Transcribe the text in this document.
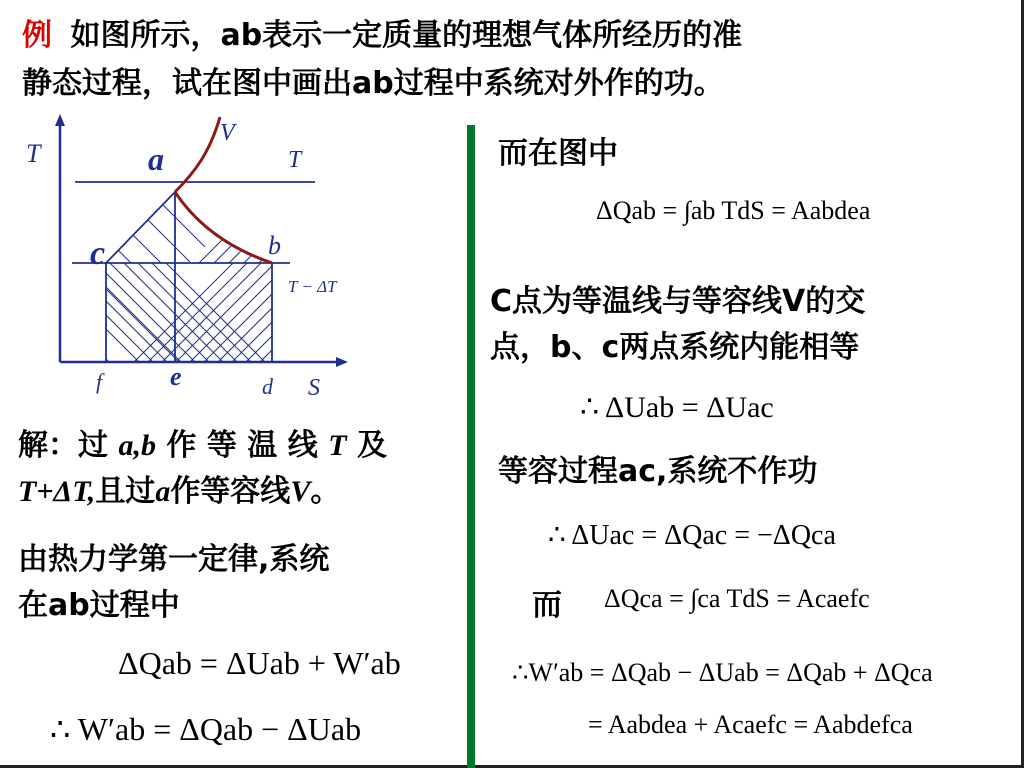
例 如图所示，ab表示一定质量的理想气体所经历的准
静态过程，试在图中画出ab过程中系统对外作的功。
T
S
V
T
T − ΔT
a
b
c
d
e
f
解：过 a,b 作 等 温 线 T 及
T+ΔT,且过a作等容线V。
由热力学第一定律,系统
在ab过程中
ΔQab = ΔUab + W′ab
∴ W′ab = ΔQab − ΔUab
而在图中
ΔQab = ∫ab TdS = Aabdea
C点为等温线与等容线V的交
点，b、c两点系统内能相等
∴ ΔUab = ΔUac
等容过程ac,系统不作功
∴ ΔUac = ΔQac = −ΔQca
而 ΔQca = ∫ca TdS = Acaefc
∴W′ab = ΔQab − ΔUab = ΔQab + ΔQca
= Aabdea + Acaefc = Aabdefca
